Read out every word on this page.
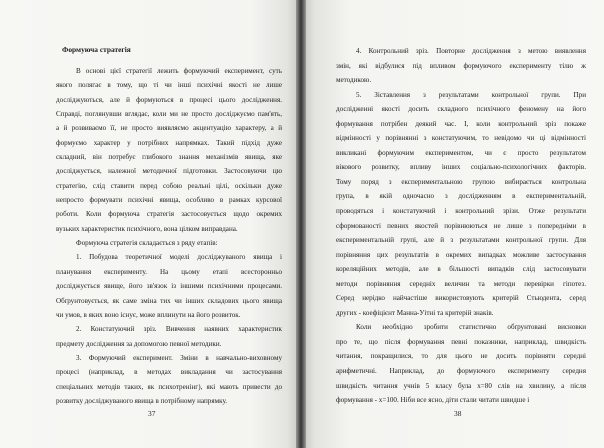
Формуюча стратегія
В основі цієї стратегії лежить формуючий експеримент, суть
якого полягає в тому, що ті чи інші психічні якості не лише
досліджуються, але й формуються в процесі цього дослідження.
Справді, поглянувши вглядає, коли ми не просто досліджуємо пам'ять,
а й розвиваємо її, не просто виявляємо акцентуацію характеру, а й
формуємо характер у потрібних напрямках. Такий підхід дуже
складний, він потребує глибокого знання механізмів явища, яке
досліджується, належної методичної підготовки. Застосовуючи цю
стратегію, слід ставити перед собою реальні цілі, оскільки дуже
непросто формувати психічні явища, особливо в рамках курсової
роботи. Коли формуюча стратегія застосовується щодо окремих
вузьких характеристик психічного, вона цілком виправдана.
Формуюча стратегія складається з ряду етапів:
1. Побудова теоретичної моделі досліджуваного явища і
планування експерименту. На цьому етапі всесторонньо
досліджується явище, його зв'язок із іншими психічними процесами.
Обґрунтовується, як саме зміна тих чи інших складових цього явища
чи умов, в яких воно існує, може вплинути на його розвиток.
2. Констатуючий зріз. Вивчення наявних характеристик
предмету дослідження за допомогою певної методики.
3. Формуючий експеримент. Зміни в навчально-виховному
процесі (наприклад, в методах викладання чи застосування
спеціальних методів таких, як психотренінг), які мають привести до
розвитку досліджуваного явища в потрібному напрямку.
37
4. Контрольний зріз. Повторне дослідження з метою виявлення
змін, які відбулися під впливом формуючого експерименту тілю ж
методикою.
5. Зіставлення з результатами контрольної групи. При
дослідженні якості досить складного психічного феномену на його
формування потрібен деякий час. І, коли контрольний зріз покаже
відмінності у порівнянні з констатуючим, то невідомо чи ці відмінності
викликані формуючим експериментом, чи є просто результатом
вікового розвитку, впливу інших соціально-психологічних факторів.
Тому поряд з експериментальною групою вибирається контрольна
група, в якій одночасно з дослідженням в експериментальній,
проводяться і констатуючий і контрольний зрізи. Отже результати
сформованості певних якостей порівнюються не лише з попередніми в
експериментальній групі, але й з результатами контрольної групи. Для
порівняння цих результатів в окремих випадках можливе застосування
кореляційних методів, але в більшості випадків слід застосовувати
методи порівняння середніх величин та методи перевірки гіпотез.
Серед нерідко найчастіше використовують критерій Стьюдента, серед
других - коефіцієнт Манна-Уітні та критерій знаків.
Коли необхідно зробити статистично обґрунтовані висновки
про те, що після формування певні показники, наприклад, швидкість
читання, покращилися, то для цього не досить порівняти середні
арифметичні. Наприклад, до формуючого експерименту середня
швидкість читання учнів 5 класу була х=80 слів на хвилину, а після
формування - х=100. Ніби все ясно, діти стали читати швидше і
38
